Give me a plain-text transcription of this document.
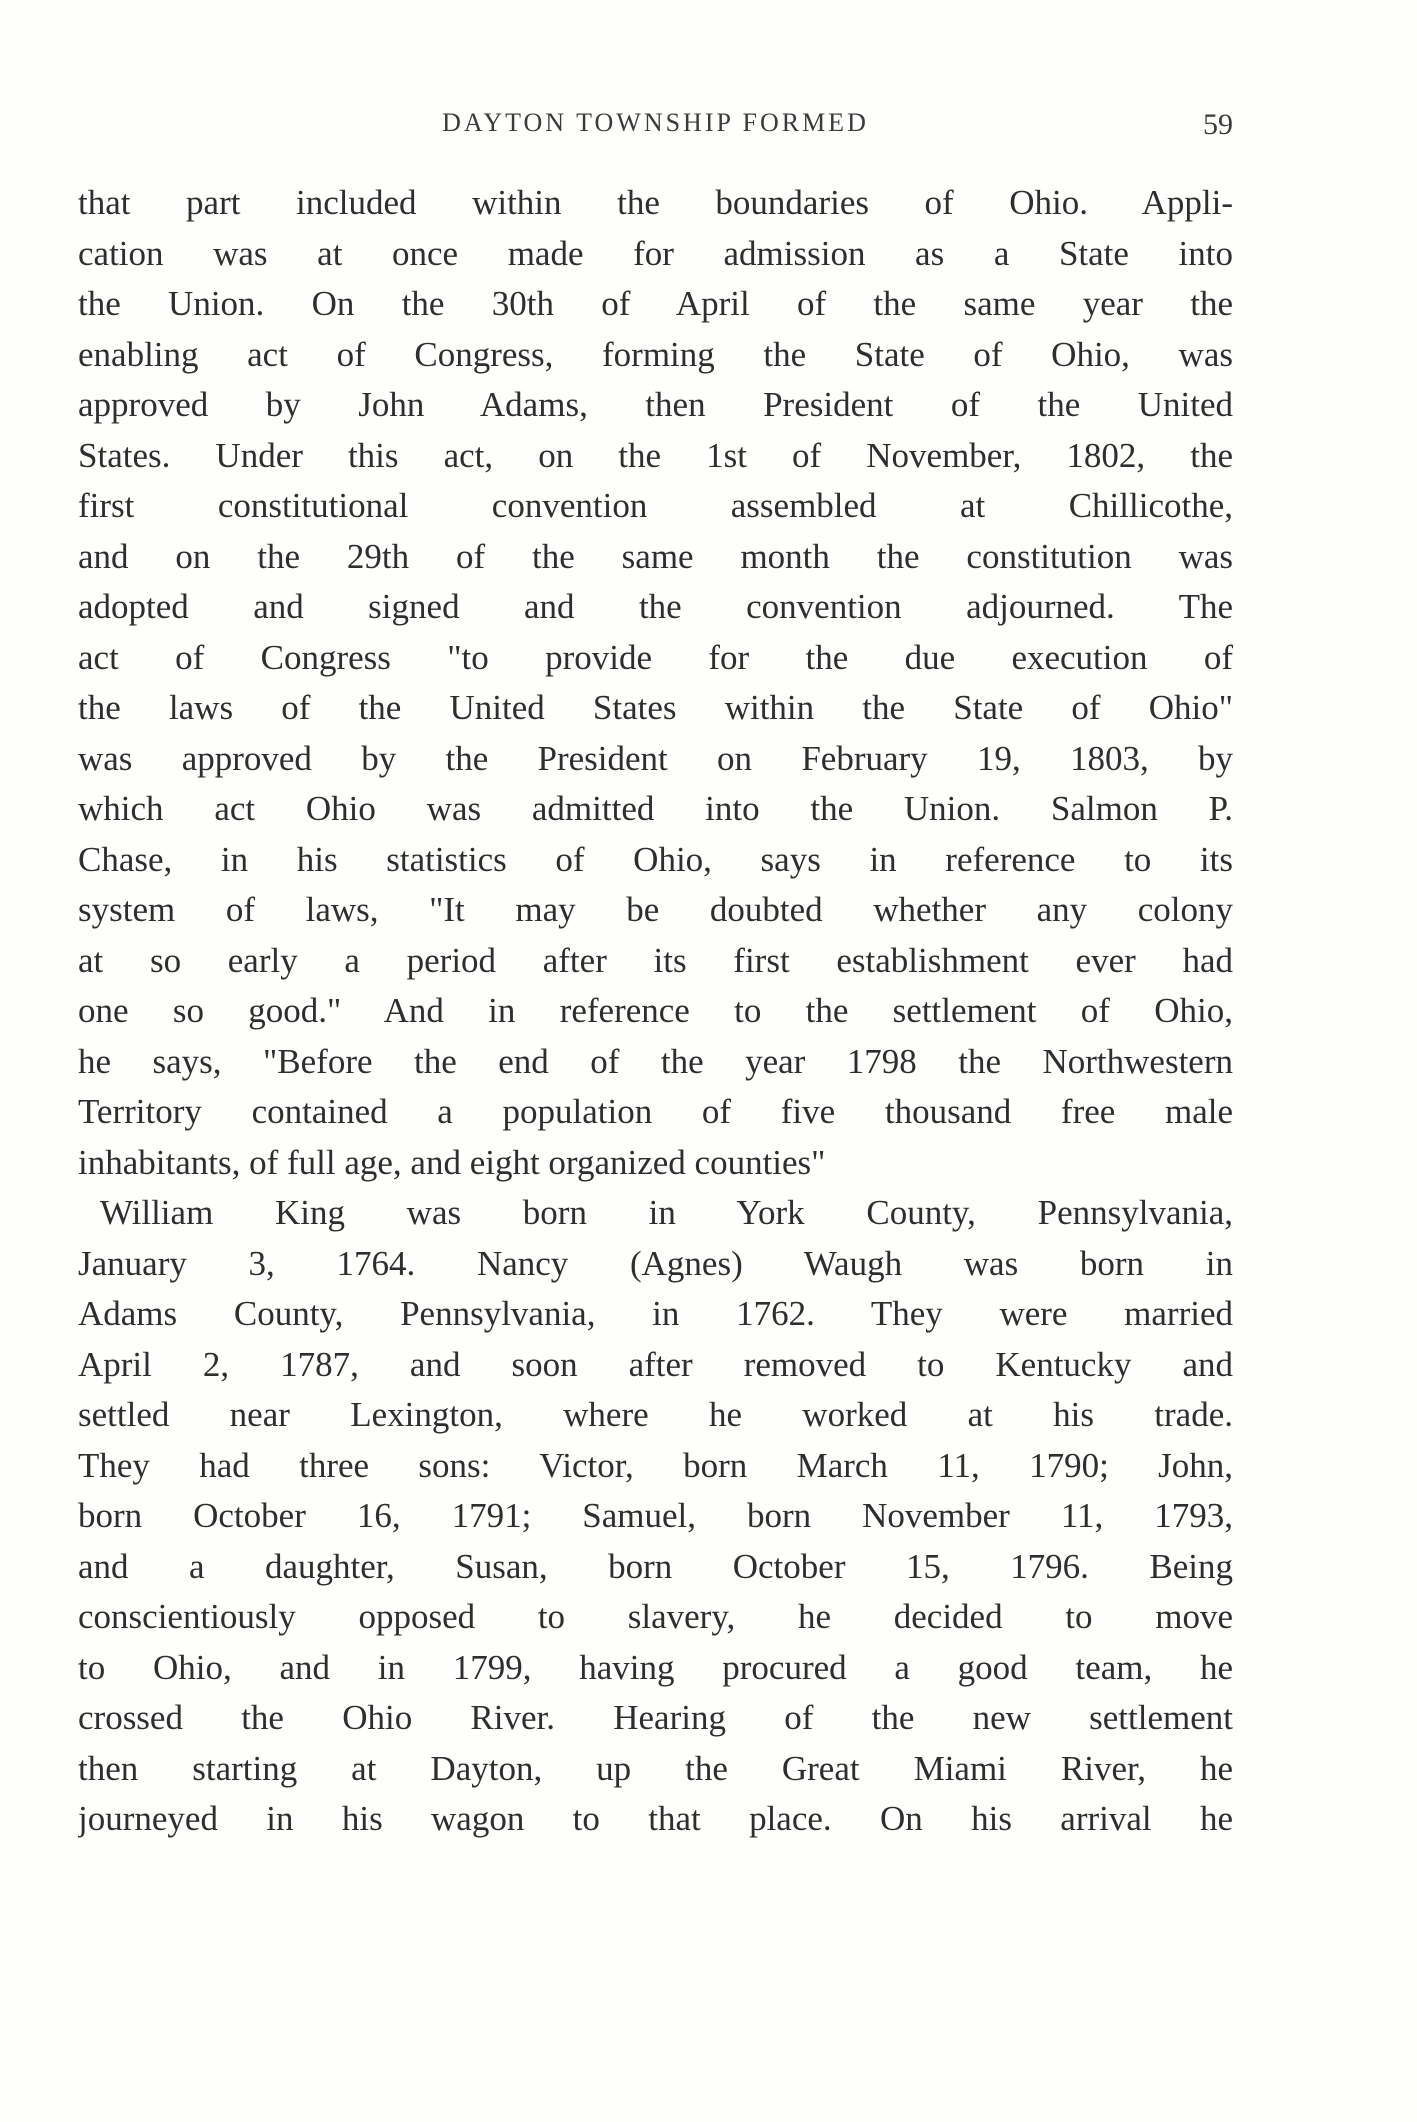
DAYTON TOWNSHIP FORMED	59
that part included within the boundaries of Ohio. Appli-
cation was at once made for admission as a State into
the Union. On the 30th of April of the same year the
enabling act of Congress, forming the State of Ohio, was
approved by John Adams, then President of the United
States. Under this act, on the 1st of November, 1802, the
first constitutional convention assembled at Chillicothe,
and on the 29th of the same month the constitution was
adopted and signed and the convention adjourned. The
act of Congress "to provide for the due execution of
the laws of the United States within the State of Ohio"
was approved by the President on February 19, 1803, by
which act Ohio was admitted into the Union. Salmon P.
Chase, in his statistics of Ohio, says in reference to its
system of laws, "It may be doubted whether any colony
at so early a period after its first establishment ever had
one so good." And in reference to the settlement of Ohio,
he says, "Before the end of the year 1798 the Northwestern
Territory contained a population of five thousand free male
inhabitants, of full age, and eight organized counties"
William King was born in York County, Pennsylvania,
January 3, 1764. Nancy (Agnes) Waugh was born in
Adams County, Pennsylvania, in 1762. They were married
April 2, 1787, and soon after removed to Kentucky and
settled near Lexington, where he worked at his trade.
They had three sons: Victor, born March 11, 1790; John,
born October 16, 1791; Samuel, born November 11, 1793,
and a daughter, Susan, born October 15, 1796. Being
conscientiously opposed to slavery, he decided to move
to Ohio, and in 1799, having procured a good team, he
crossed the Ohio River. Hearing of the new settlement
then starting at Dayton, up the Great Miami River, he
journeyed in his wagon to that place. On his arrival he
